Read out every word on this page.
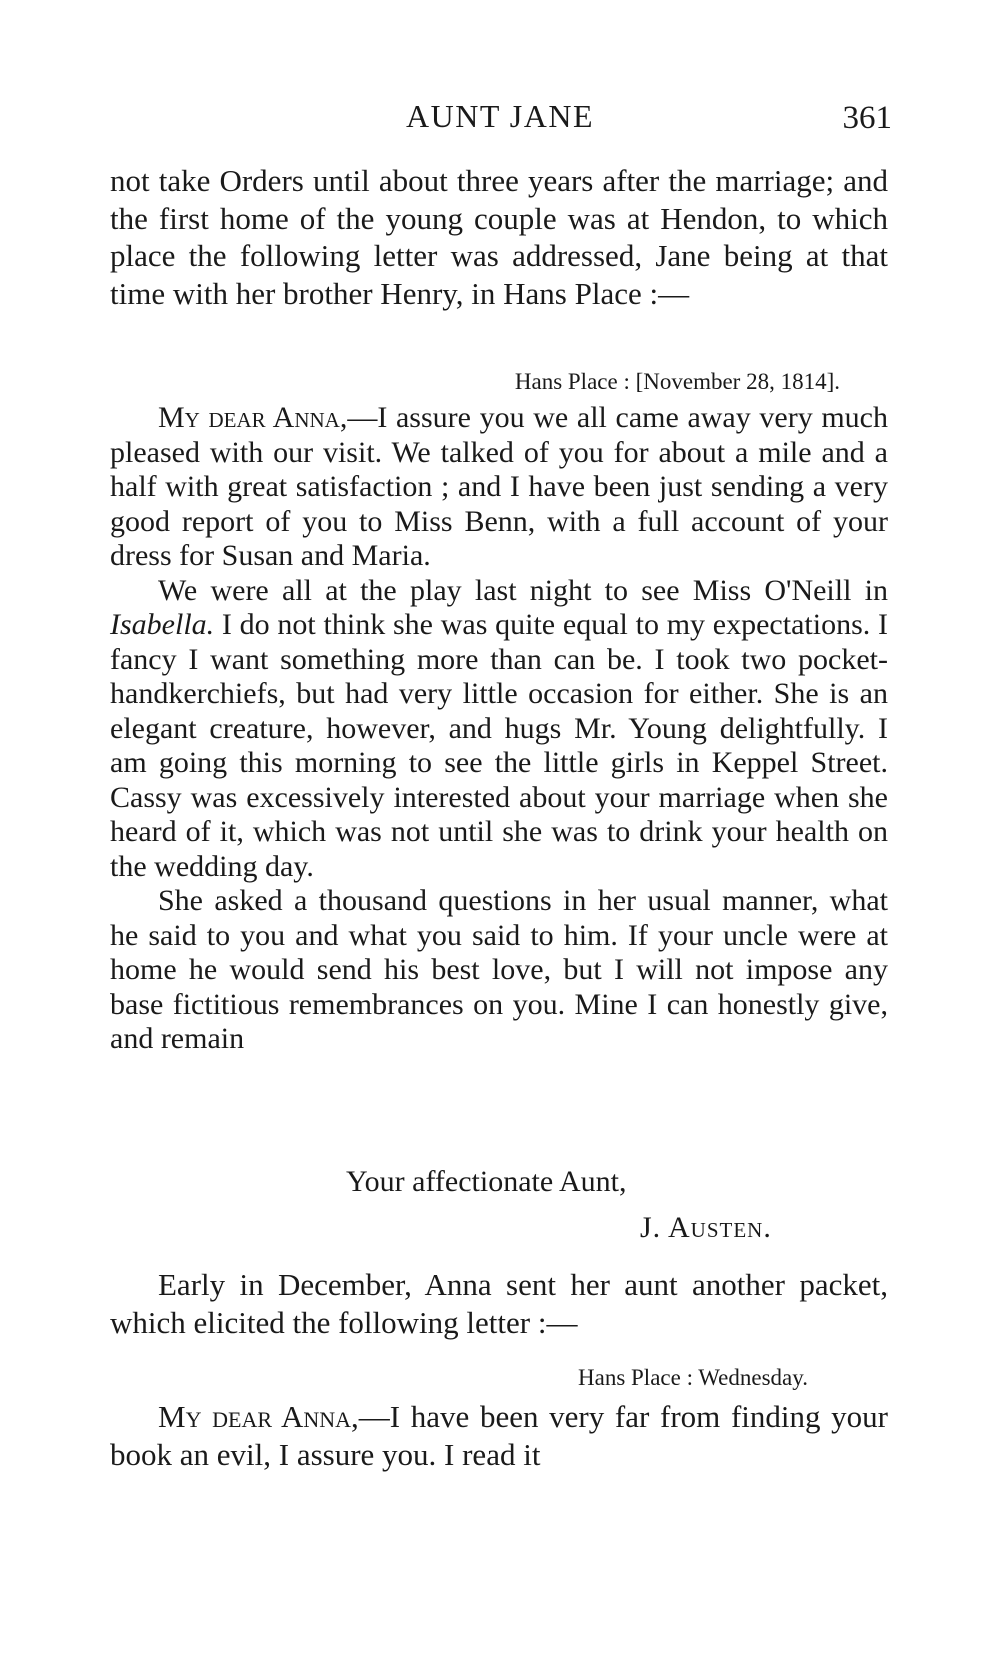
AUNT JANE	361

not take Orders until about three years after the marriage; and the first home of the young couple was at Hendon, to which place the following letter was addressed, Jane being at that time with her brother Henry, in Hans Place :—

Hans Place : [November 28, 1814].

My dear Anna,—I assure you we all came away very much pleased with our visit. We talked of you for about a mile and a half with great satisfaction ; and I have been just sending a very good report of you to Miss Benn, with a full account of your dress for Susan and Maria.

We were all at the play last night to see Miss O'Neill in Isabella. I do not think she was quite equal to my expectations. I fancy I want something more than can be. I took two pocket-handkerchiefs, but had very little occasion for either. She is an elegant creature, however, and hugs Mr. Young delightfully. I am going this morning to see the little girls in Keppel Street. Cassy was excessively interested about your marriage when she heard of it, which was not until she was to drink your health on the wedding day.

She asked a thousand questions in her usual manner, what he said to you and what you said to him. If your uncle were at home he would send his best love, but I will not impose any base fictitious remembrances on you. Mine I can honestly give, and remain

Your affectionate Aunt,
J. Austen.

Early in December, Anna sent her aunt another packet, which elicited the following letter :—

Hans Place : Wednesday.

My dear Anna,—I have been very far from finding your book an evil, I assure you. I read it
